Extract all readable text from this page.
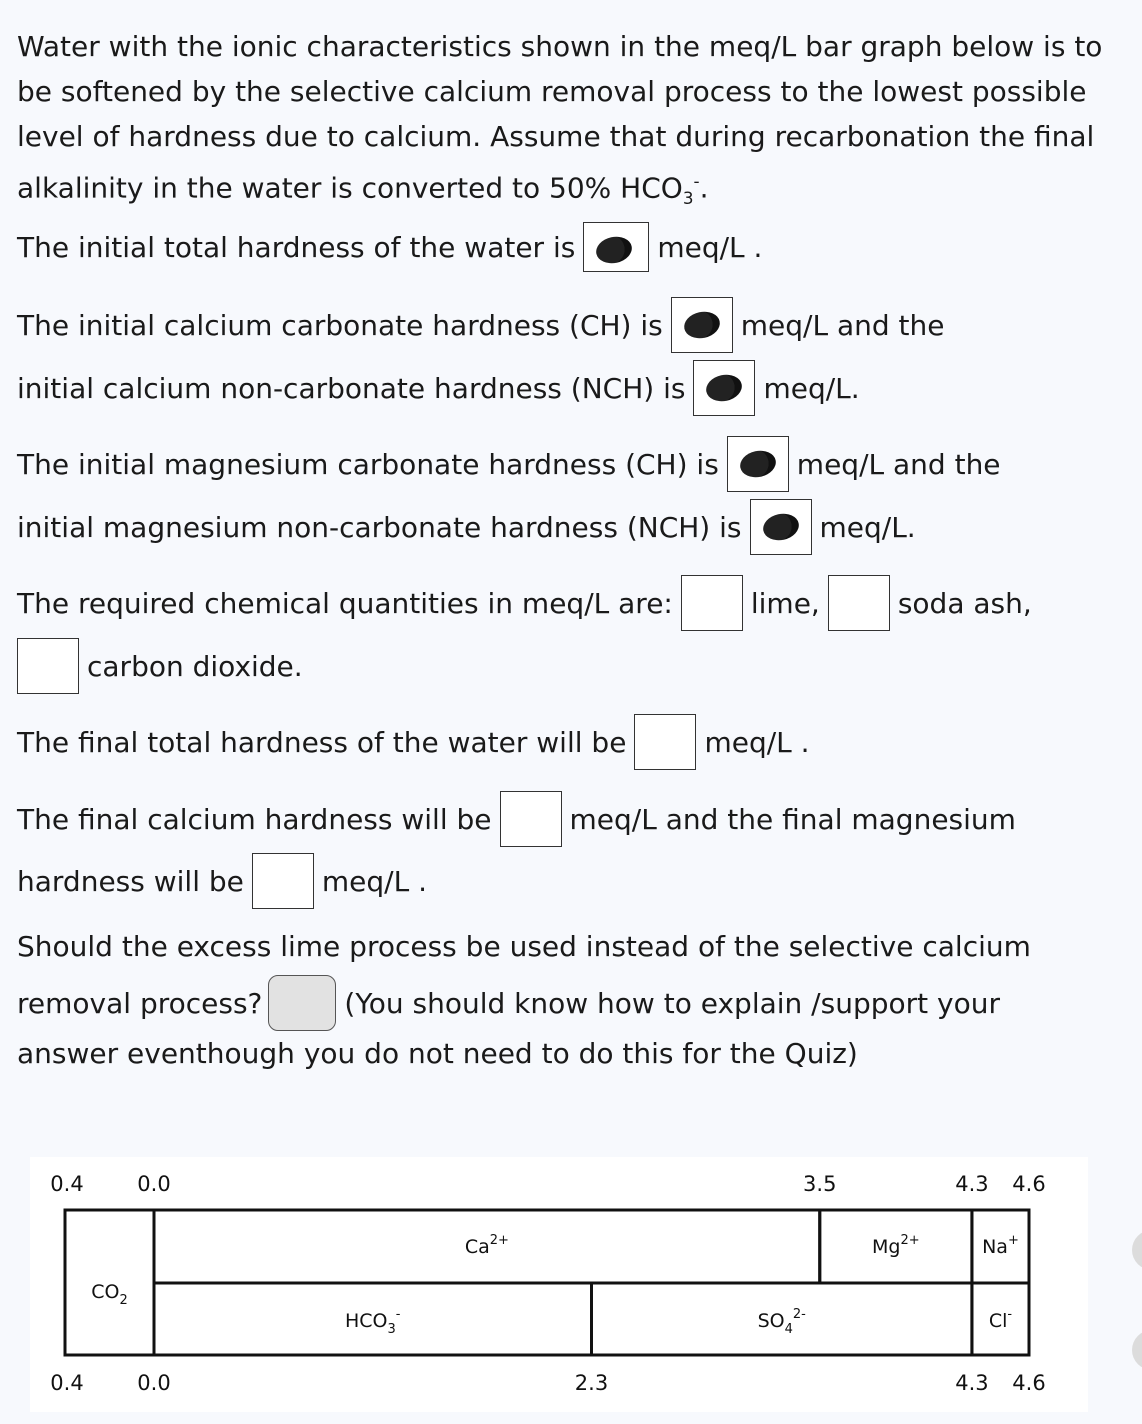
Water with the ionic characteristics shown in the meq/L bar graph below is to be softened by the selective calcium removal process to the lowest possible level of hardness due to calcium. Assume that during recarbonation the final alkalinity in the water is converted to 50% $HCO_3^-$.

The initial total hardness of the water is	meq/L .
The initial calcium carbonate hardness (CH) is	meq/L and the
initial calcium non-carbonate hardness (NCH) is	meq/L.
The initial magnesium carbonate hardness (CH) is	meq/L and the
initial magnesium non-carbonate hardness (NCH) is	meq/L.
The required chemical quantities in meq/L are:	lime,	soda ash,
carbon dioxide.
The final total hardness of the water will be	meq/L .
The final calcium hardness will be	meq/L and the final magnesium
hardness will be	meq/L .
Should the excess lime process be used instead of the selective calcium
removal process?	(You should know how to explain /support your
answer eventhough you do not need to do this for the Quiz)
$CO_2$
$Ca^{2+}$	$Mg^{2+}$	Na+
$HCO_3^-$	$SO_4^{2-}$	Cl-
0.4	0.0	3.5	4.3 4.6
0.4	0.0	2.3	4.3 4.6
